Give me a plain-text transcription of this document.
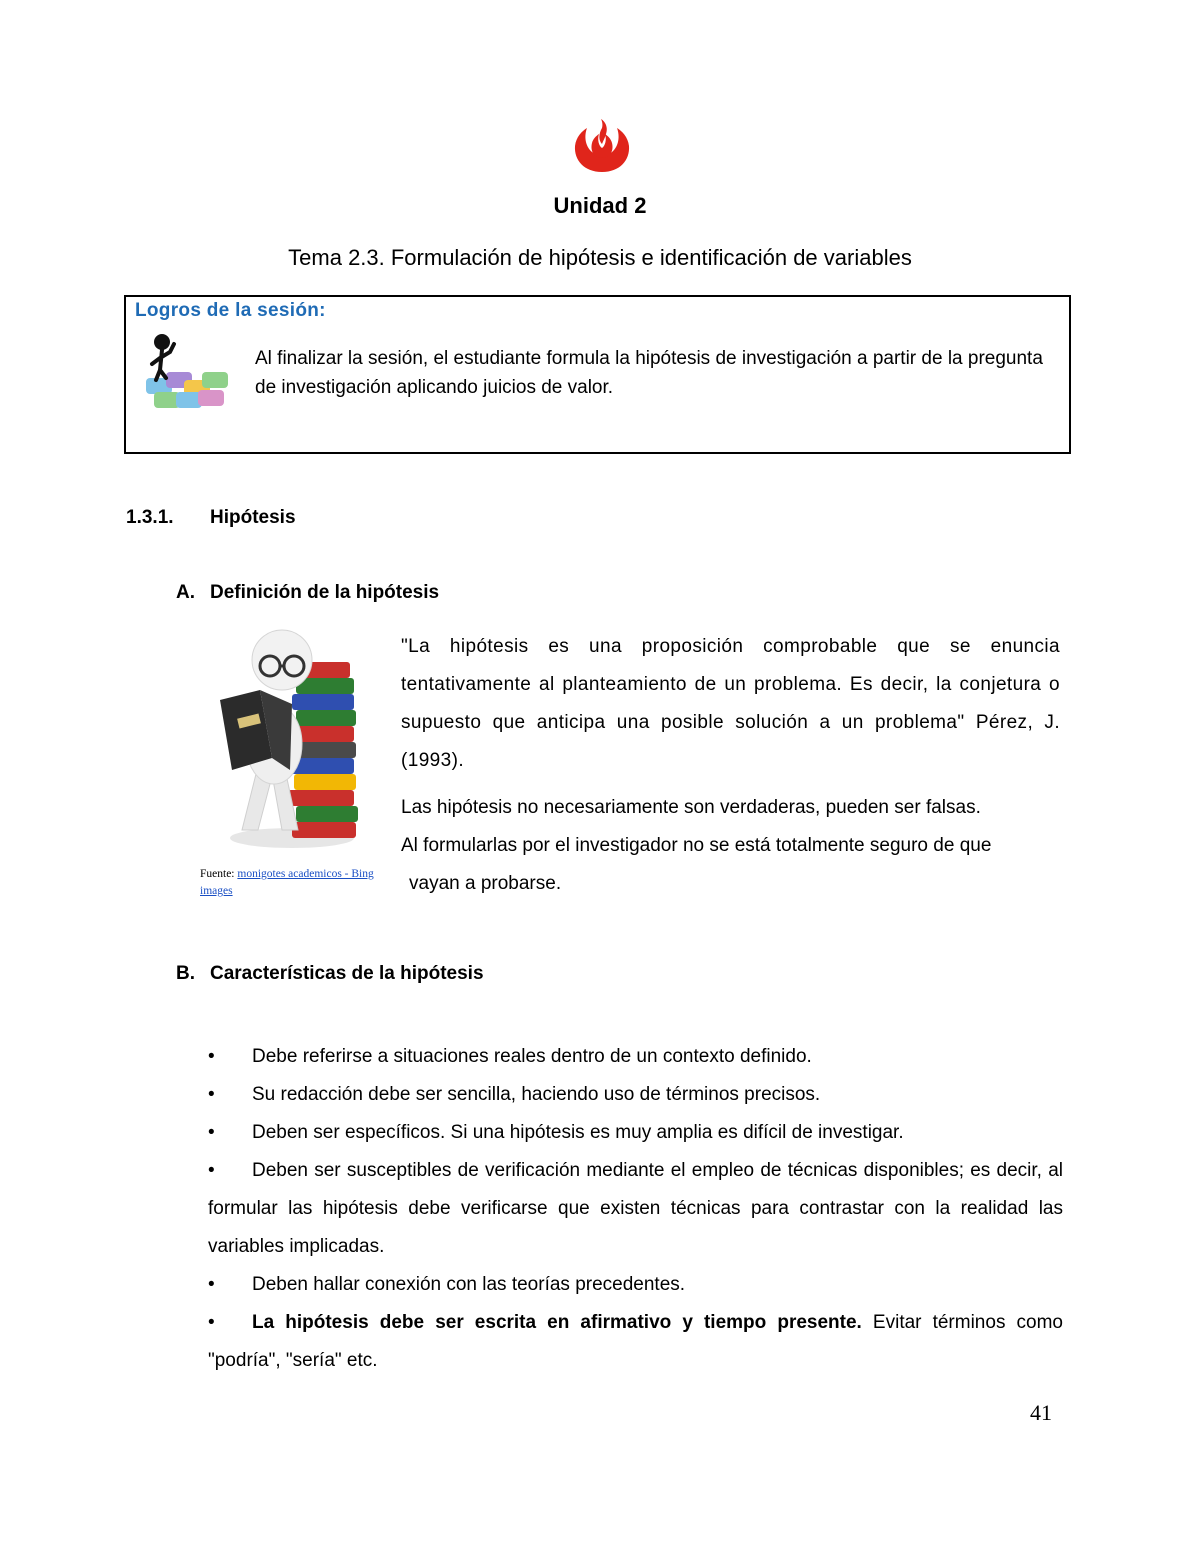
Unidad 2
Tema 2.3. Formulación de hipótesis e identificación de variables
Logros de la sesión:
Al finalizar la sesión, el estudiante formula la hipótesis de investigación a partir de la pregunta de investigación aplicando juicios de valor.
1.3.1. Hipótesis
A. Definición de la hipótesis
Fuente: monigotes academicos - Bing images
"La hipótesis es una proposición comprobable que se enuncia tentativamente al planteamiento de un problema. Es decir, la conjetura o supuesto que anticipa una posible solución a un problema" Pérez, J. (1993).
Las hipótesis no necesariamente son verdaderas, pueden ser falsas.
Al formularlas por el investigador no se está totalmente seguro de que
vayan a probarse.
B. Características de la hipótesis
•	Debe referirse a situaciones reales dentro de un contexto definido.
•	Su redacción debe ser sencilla, haciendo uso de términos precisos.
•	Deben ser específicos. Si una hipótesis es muy amplia es difícil de investigar.
•	Deben ser susceptibles de verificación mediante el empleo de técnicas disponibles; es decir, al formular las hipótesis debe verificarse que existen técnicas para contrastar con la realidad las variables implicadas.
•	Deben hallar conexión con las teorías precedentes.
•	La hipótesis debe ser escrita en afirmativo y tiempo presente. Evitar términos como "podría", "sería" etc.
41
